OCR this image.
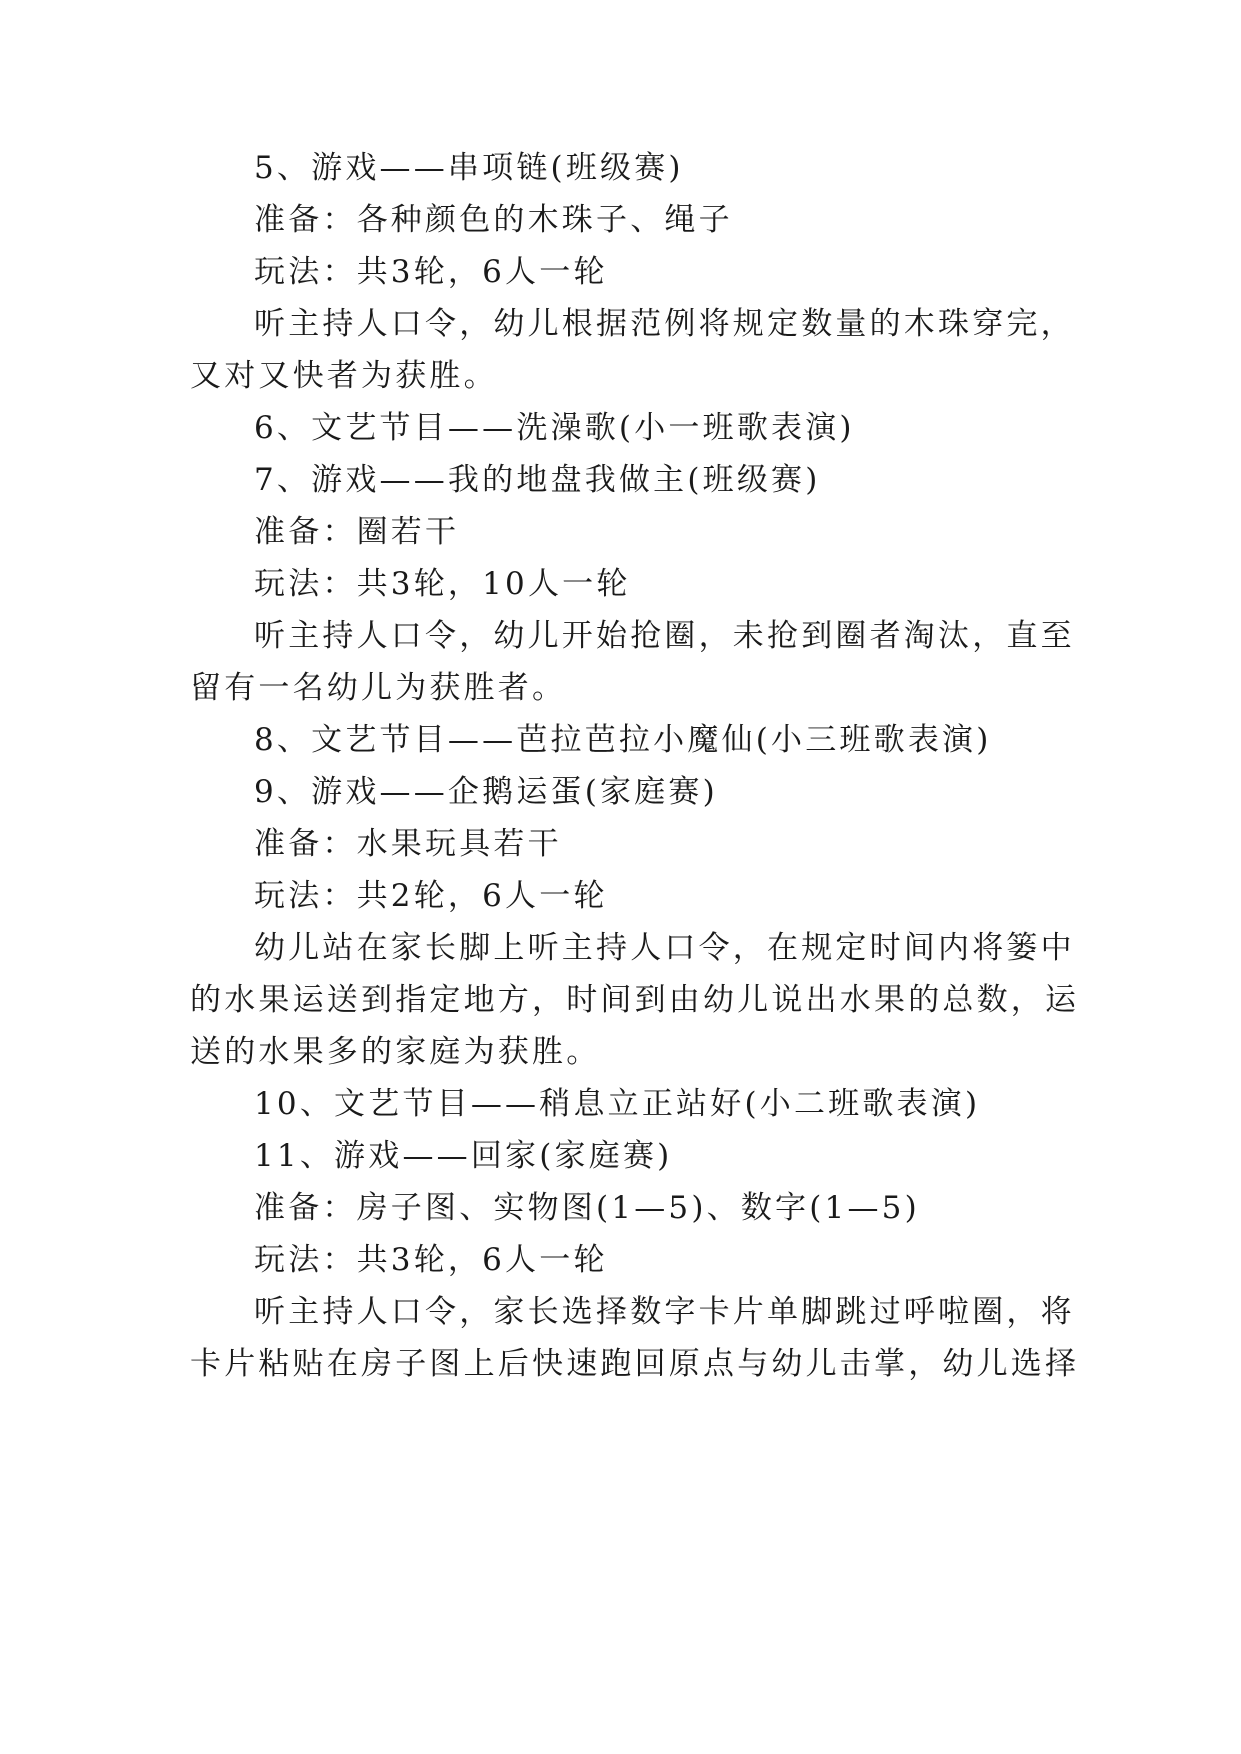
5、游戏——串项链(班级赛)
准备：各种颜色的木珠子、绳子
玩法：共3轮，6人一轮
听主持人口令，幼儿根据范例将规定数量的木珠穿完，
又对又快者为获胜。
6、文艺节目——洗澡歌(小一班歌表演)
7、游戏——我的地盘我做主(班级赛)
准备：圈若干
玩法：共3轮，10人一轮
听主持人口令，幼儿开始抢圈，未抢到圈者淘汰，直至
留有一名幼儿为获胜者。
8、文艺节目——芭拉芭拉小魔仙(小三班歌表演)
9、游戏——企鹅运蛋(家庭赛)
准备：水果玩具若干
玩法：共2轮，6人一轮
幼儿站在家长脚上听主持人口令，在规定时间内将篓中
的水果运送到指定地方，时间到由幼儿说出水果的总数，运
送的水果多的家庭为获胜。
10、文艺节目——稍息立正站好(小二班歌表演)
11、游戏——回家(家庭赛)
准备：房子图、实物图(1—5)、数字(1—5)
玩法：共3轮，6人一轮
听主持人口令，家长选择数字卡片单脚跳过呼啦圈，将
卡片粘贴在房子图上后快速跑回原点与幼儿击掌，幼儿选择
